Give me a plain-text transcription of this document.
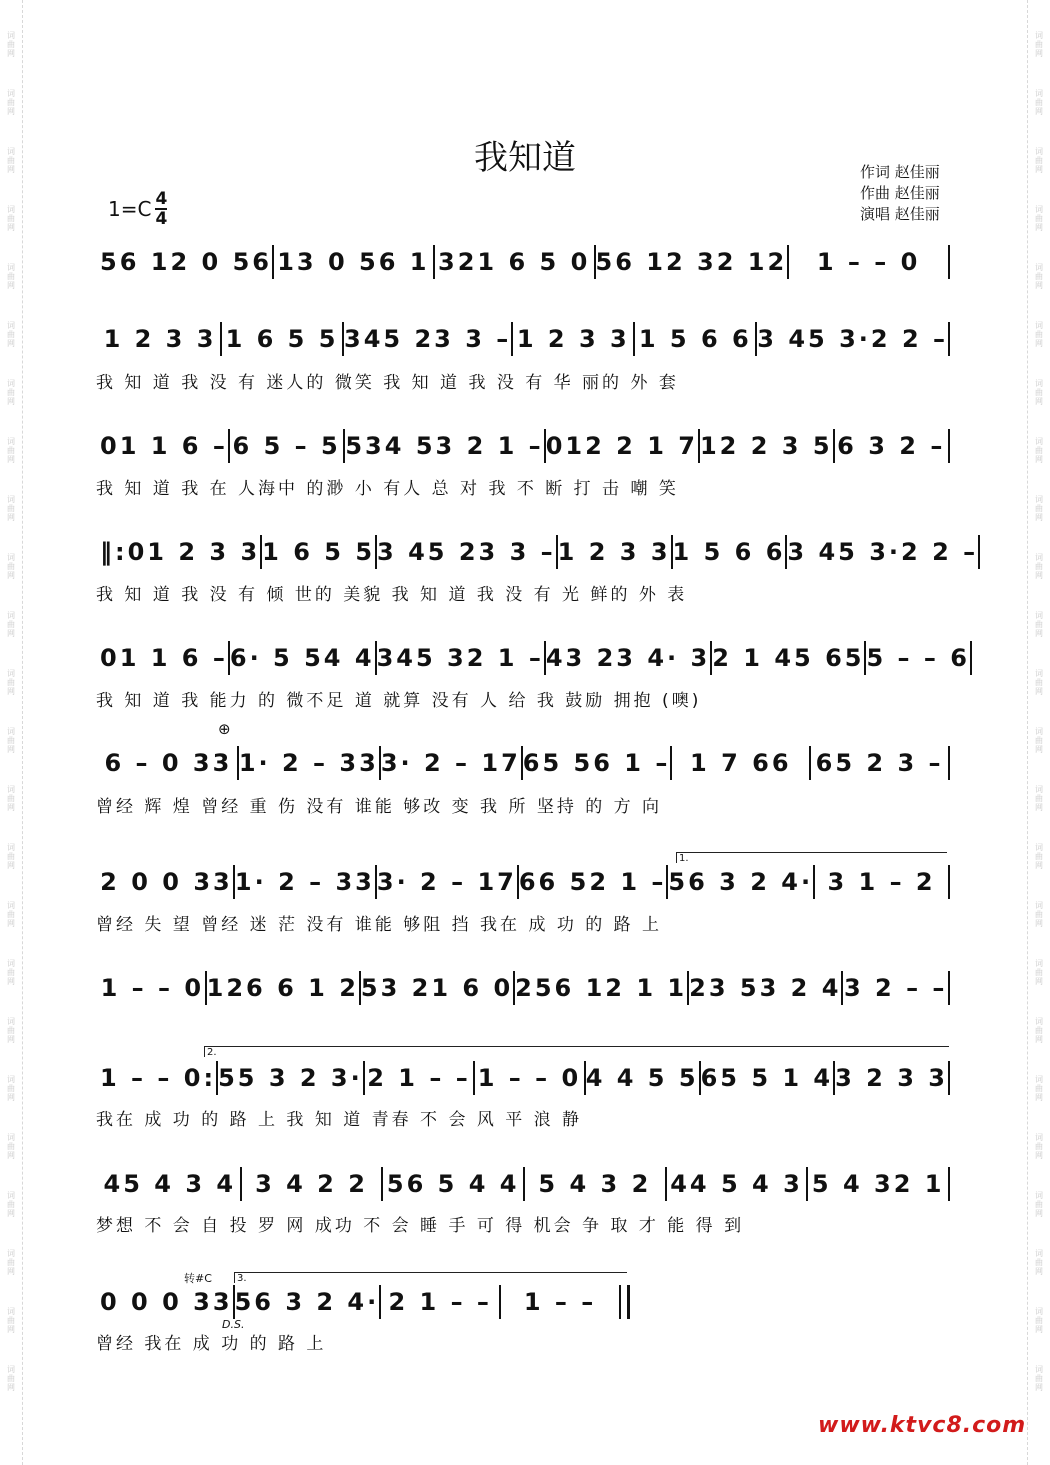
词曲网
词曲网
词曲网
词曲网
词曲网
词曲网
词曲网
词曲网
词曲网
词曲网
词曲网
词曲网
词曲网
词曲网
词曲网
词曲网
词曲网
词曲网
词曲网
词曲网
词曲网
词曲网
词曲网
词曲网
词曲网
词曲网
词曲网
词曲网
词曲网
词曲网
词曲网
词曲网
词曲网
词曲网
词曲网
词曲网
词曲网
词曲网
词曲网
词曲网
词曲网
词曲网
词曲网
词曲网
词曲网
词曲网
词曲网
词曲网
我知道	作词 赵佳丽
作曲 赵佳丽
演唱 赵佳丽
1=C 4
4
56 12 0 56 13 0 56 1 321 6 5 0 56 12 32 12	1 – – 0
1 2 3 3 1 6 5 5 345 23 3 – 1 2 3 3 1 5 6 6 3 45 3·2 2 –
我 知 道 我 没 有 迷人的 微笑 我 知 道 我 没 有 华 丽的 外 套
01 1 6 – 6 5 – 5 534 53 2 1 – 012 2 1 7 12 2 3 5 6 3 2 –
我 知 道 我 在 人海中 的渺 小 有人 总 对 我 不 断 打 击 嘲 笑
‖:01 2 3 3 1 6 5 5 3 45 23 3 – 1 2 3 3 1 5 6 6 3 45 3·2 2 –
我 知 道 我 没 有 倾 世的 美貌 我 知 道 我 没 有 光 鲜的 外 表
01 1 6 – 6· 5 54 4 345 32 1 – 43 23 4· 3 2 1 45 65 5 – – 6
我 知 道 我 能力 的 微不足 道 就算 没有 人 给 我 鼓励 拥抱 (噢)
6 – 0 33 1· 2 – 33 3· 2 – 17 65 56 1 – 1 7 66	65 2 3 –
曾经 辉 煌 曾经 重 伤 没有 谁能 够改 变 我 所 坚持 的 方 向
2 0 0 33 1· 2 – 33 3· 2 – 17 66 52 1 – 56 3 2 4· 3 1 – 2
曾经 失 望 曾经 迷 茫 没有 谁能 够阻 挡 我在 成 功 的 路 上
1 – – 0 126 6 1 2 53 21 6 0 256 12 1 1 23 53 2 4 3 2 – –
1 – – 0: 55 3 2 3· 2 1 – – 1 – – 0 4 4 5 5 65 5 1 4 3 2 3 3
我在 成 功 的 路 上 我 知 道 青春 不 会 风 平 浪 静
45 4 3 4 3 4 2 2 56 5 4 4 5 4 3 2 44 5 4 3 5 4 32 1
梦想 不 会 自 投 罗 网 成功 不 会 睡 手 可 得 机会 争 取 才 能 得 到
0 0 0 33 56 3 2 4· 2 1 – –	1 – –
曾经 我在 成 功 的 路 上
1.
2.
3.
⊕
转#C
D.S.
www.ktvc8.com
